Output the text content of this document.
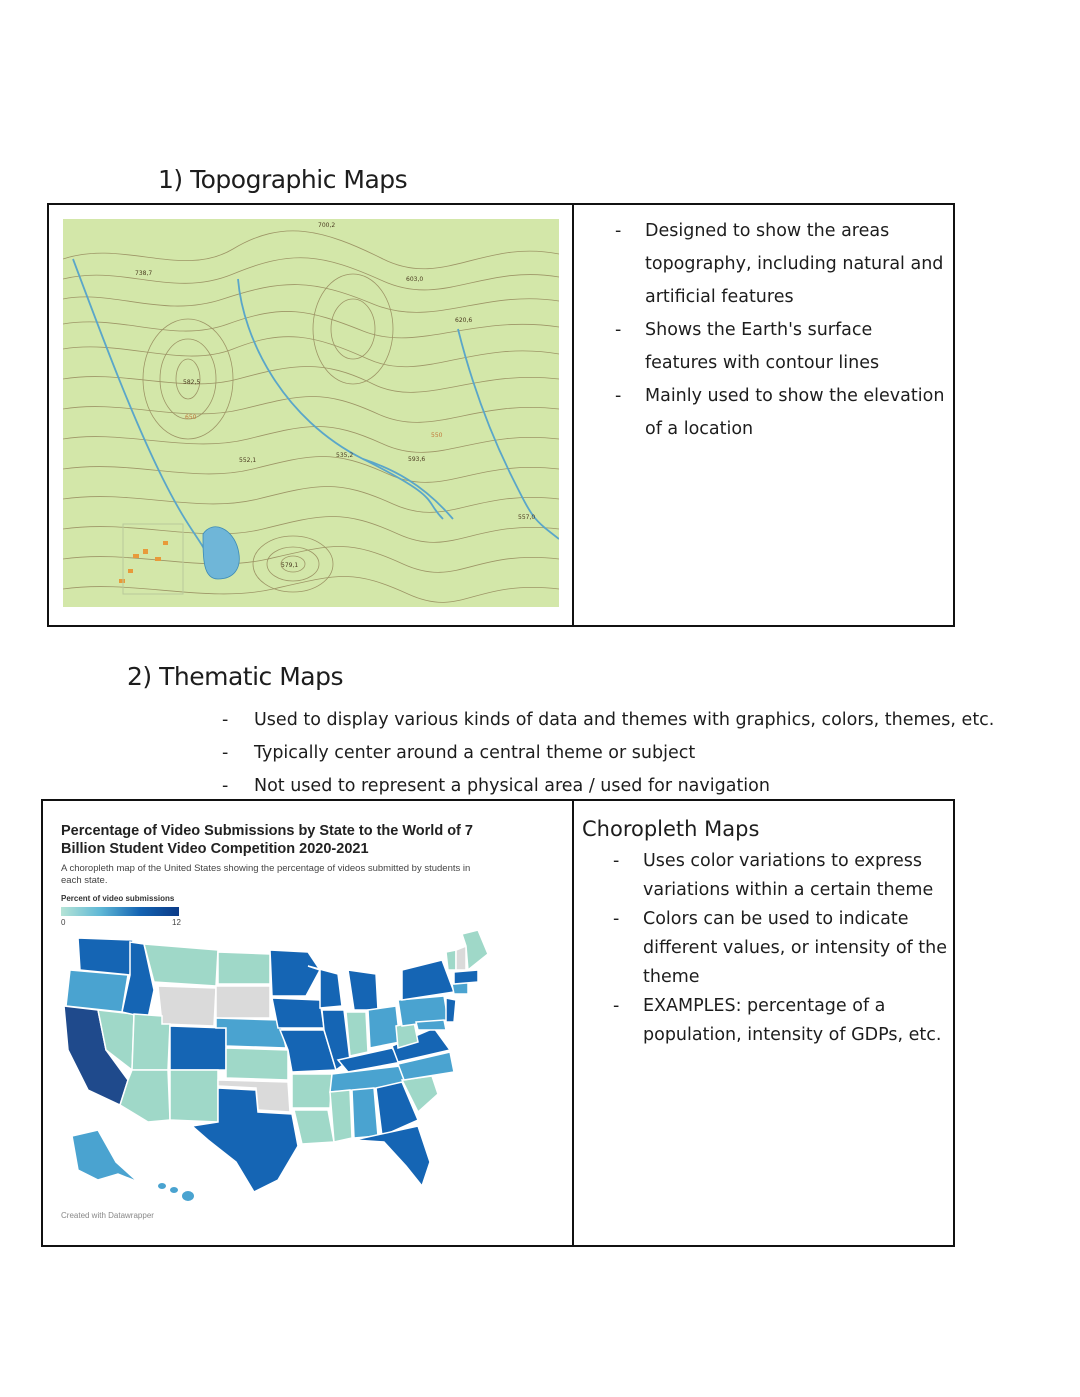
1) Topographic Maps
700,2
738,7
603,0
620,6
582,5
552,1
535,2
593,6
557,0
579,1
650
550
- Designed to show the areas topography, including natural and artificial features
- Shows the Earth's surface features with contour lines
- Mainly used to show the elevation of a location
2) Thematic Maps
- Used to display various kinds of data and themes with graphics, colors, themes, etc.
- Typically center around a central theme or subject
- Not used to represent a physical area / used for navigation
Percentage of Video Submissions by State to the World of 7 Billion Student Video Competition 2020-2021
A choropleth map of the United States showing the percentage of videos submitted by students in each state.
Percent of video submissions
0	12
Created with Datawrapper
Choropleth Maps
- Uses color variations to express variations within a certain theme
- Colors can be used to indicate different values, or intensity of the theme
- EXAMPLES: percentage of a population, intensity of GDPs, etc.
